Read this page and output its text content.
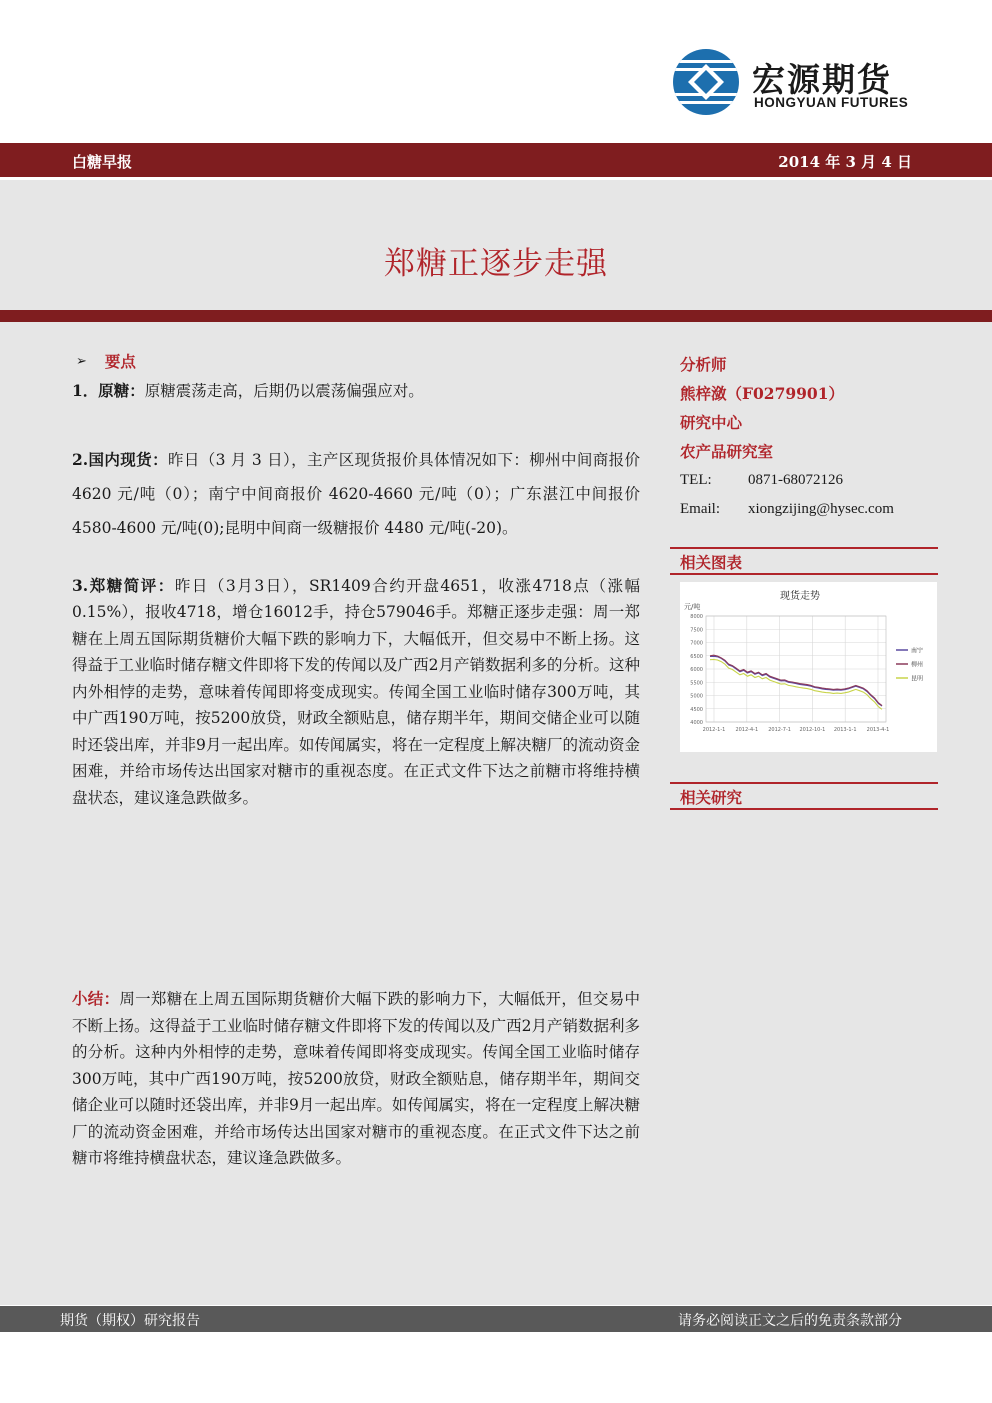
宏源期货
HONGYUAN FUTURES
白糖早报	2014 年 3 月 4 日
郑糖正逐步走强
➢ 要点
1．原糖：原糖震荡走高，后期仍以震荡偏强应对。
2.国内现货：昨日（3 月 3 日），主产区现货报价具体情况如下：柳州中间商报价 4620 元/吨（0）；南宁中间商报价 4620-4660 元/吨（0）；广东湛江中间报价 4580-4600 元/吨(0);昆明中间商一级糖报价 4480 元/吨(-20)。
3.郑糖简评：昨日（3月3日），SR1409合约开盘4651，收涨4718点（涨幅0.15%），报收4718，增仓16012手，持仓579046手。郑糖正逐步走强：周一郑糖在上周五国际期货糖价大幅下跌的影响力下，大幅低开，但交易中不断上扬。这得益于工业临时储存糖文件即将下发的传闻以及广西2月产销数据利多的分析。这种内外相悖的走势，意味着传闻即将变成现实。传闻全国工业临时储存300万吨，其中广西190万吨，按5200放贷，财政全额贴息，储存期半年，期间交储企业可以随时还袋出库，并非9月一起出库。如传闻属实，将在一定程度上解决糖厂的流动资金困难，并给市场传达出国家对糖市的重视态度。在正式文件下达之前糖市将维持横盘状态，建议逢急跌做多。
小结：周一郑糖在上周五国际期货糖价大幅下跌的影响力下，大幅低开，但交易中不断上扬。这得益于工业临时储存糖文件即将下发的传闻以及广西2月产销数据利多的分析。这种内外相悖的走势，意味着传闻即将变成现实。传闻全国工业临时储存300万吨，其中广西190万吨，按5200放贷，财政全额贴息，储存期半年，期间交储企业可以随时还袋出库，并非9月一起出库。如传闻属实，将在一定程度上解决糖厂的流动资金困难，并给市场传达出国家对糖市的重视态度。在正式文件下达之前糖市将维持横盘状态，建议逢急跌做多。
分析师
熊梓潋（F0279901）
研究中心
农产品研究室
TEL: 0871-68072126
Email: xiongzijing@hysec.com
相关图表
现货走势
元/吨
8000
7500
7000
6500
6000
5500
5000
4500
4000
2012-1-1 2012-4-1 2012-7-1 2012-10-1 2013-1-1 2013-4-1
南宁
柳州
昆明
相关研究
期货（期权）研究报告	请务必阅读正文之后的免责条款部分
